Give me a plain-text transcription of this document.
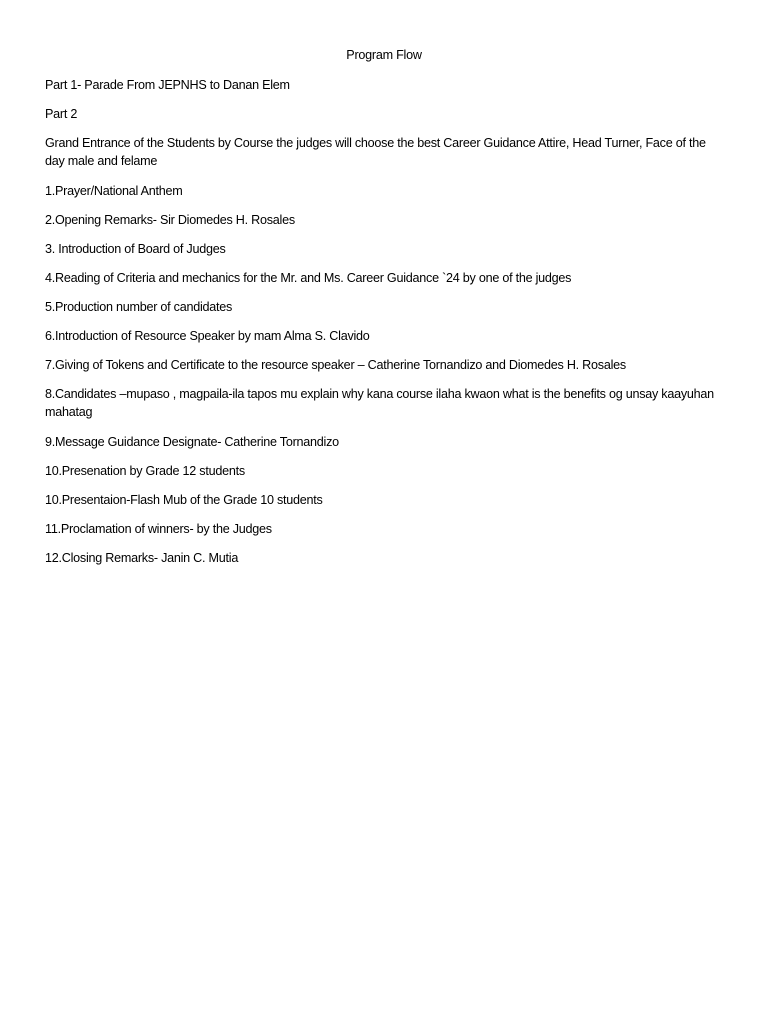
Program Flow
Part 1- Parade From JEPNHS to Danan Elem
Part 2
Grand Entrance of the Students by Course the judges will choose the best Career Guidance Attire, Head Turner, Face of the day male and felame
1.Prayer/National Anthem
2.Opening Remarks- Sir Diomedes H. Rosales
3. Introduction of Board of Judges
4.Reading of Criteria and mechanics for the Mr. and Ms. Career Guidance `24 by one of the judges
5.Production number of candidates
6.Introduction of Resource Speaker by mam Alma S. Clavido
7.Giving of Tokens and Certificate to the resource speaker – Catherine Tornandizo and Diomedes H. Rosales
8.Candidates –mupaso , magpaila-ila tapos mu explain why kana course ilaha kwaon what is the benefits og unsay kaayuhan mahatag
9.Message Guidance Designate- Catherine Tornandizo
10.Presenation by Grade 12 students
10.Presentaion-Flash Mub of the Grade 10 students
11.Proclamation of winners- by the Judges
12.Closing Remarks- Janin C. Mutia
